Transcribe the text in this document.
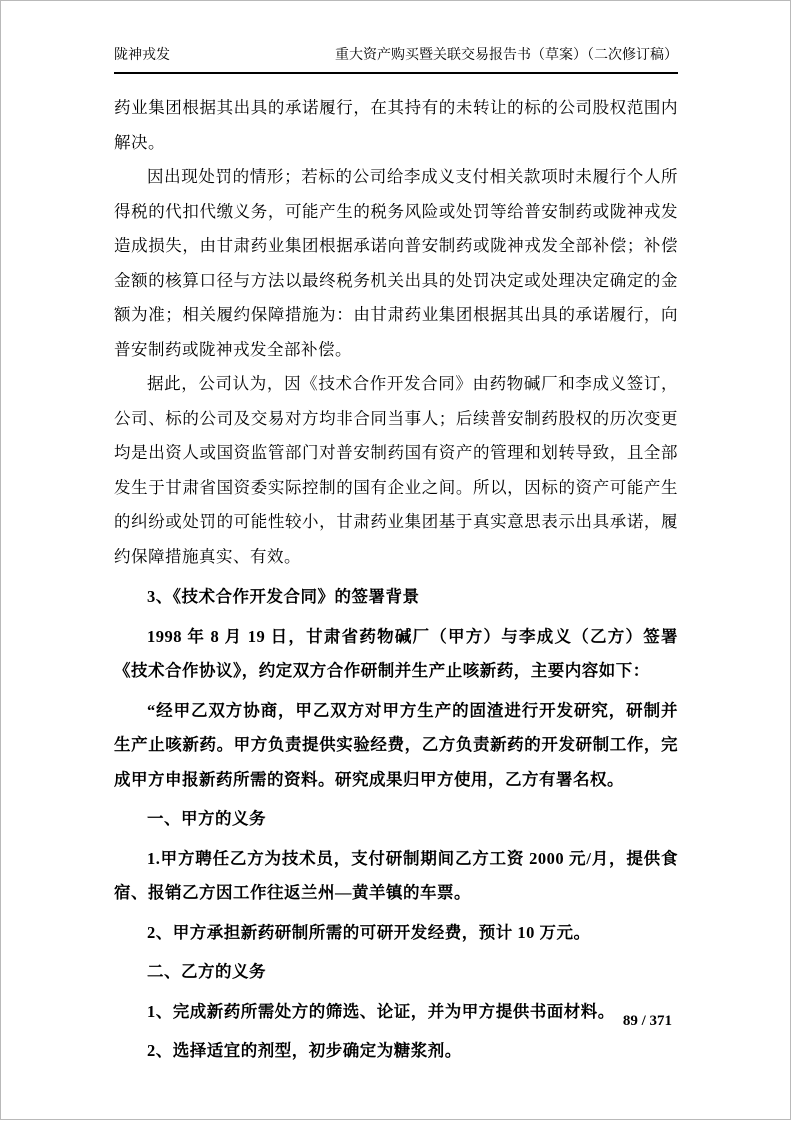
陇神戎发	重大资产购买暨关联交易报告书（草案）（二次修订稿）

药业集团根据其出具的承诺履行，在其持有的未转让的标的公司股权范围内解决。

因出现处罚的情形；若标的公司给李成义支付相关款项时未履行个人所得税的代扣代缴义务，可能产生的税务风险或处罚等给普安制药或陇神戎发造成损失，由甘肃药业集团根据承诺向普安制药或陇神戎发全部补偿；补偿金额的核算口径与方法以最终税务机关出具的处罚决定或处理决定确定的金额为准；相关履约保障措施为：由甘肃药业集团根据其出具的承诺履行，向普安制药或陇神戎发全部补偿。

据此，公司认为，因《技术合作开发合同》由药物碱厂和李成义签订，公司、标的公司及交易对方均非合同当事人；后续普安制药股权的历次变更均是出资人或国资监管部门对普安制药国有资产的管理和划转导致，且全部发生于甘肃省国资委实际控制的国有企业之间。所以，因标的资产可能产生的纠纷或处罚的可能性较小，甘肃药业集团基于真实意思表示出具承诺，履约保障措施真实、有效。

3、《技术合作开发合同》的签署背景

1998 年 8 月 19 日，甘肃省药物碱厂（甲方）与李成义（乙方）签署《技术合作协议》，约定双方合作研制并生产止咳新药，主要内容如下：

“经甲乙双方协商，甲乙双方对甲方生产的固渣进行开发研究，研制并生产止咳新药。甲方负责提供实验经费，乙方负责新药的开发研制工作，完成甲方申报新药所需的资料。研究成果归甲方使用，乙方有署名权。

一、甲方的义务

1.甲方聘任乙方为技术员，支付研制期间乙方工资 2000 元/月，提供食宿、报销乙方因工作往返兰州—黄羊镇的车票。

2、甲方承担新药研制所需的可研开发经费，预计 10 万元。

二、乙方的义务

1、完成新药所需处方的筛选、论证，并为甲方提供书面材料。

2、选择适宜的剂型，初步确定为糖浆剂。

89 / 371
